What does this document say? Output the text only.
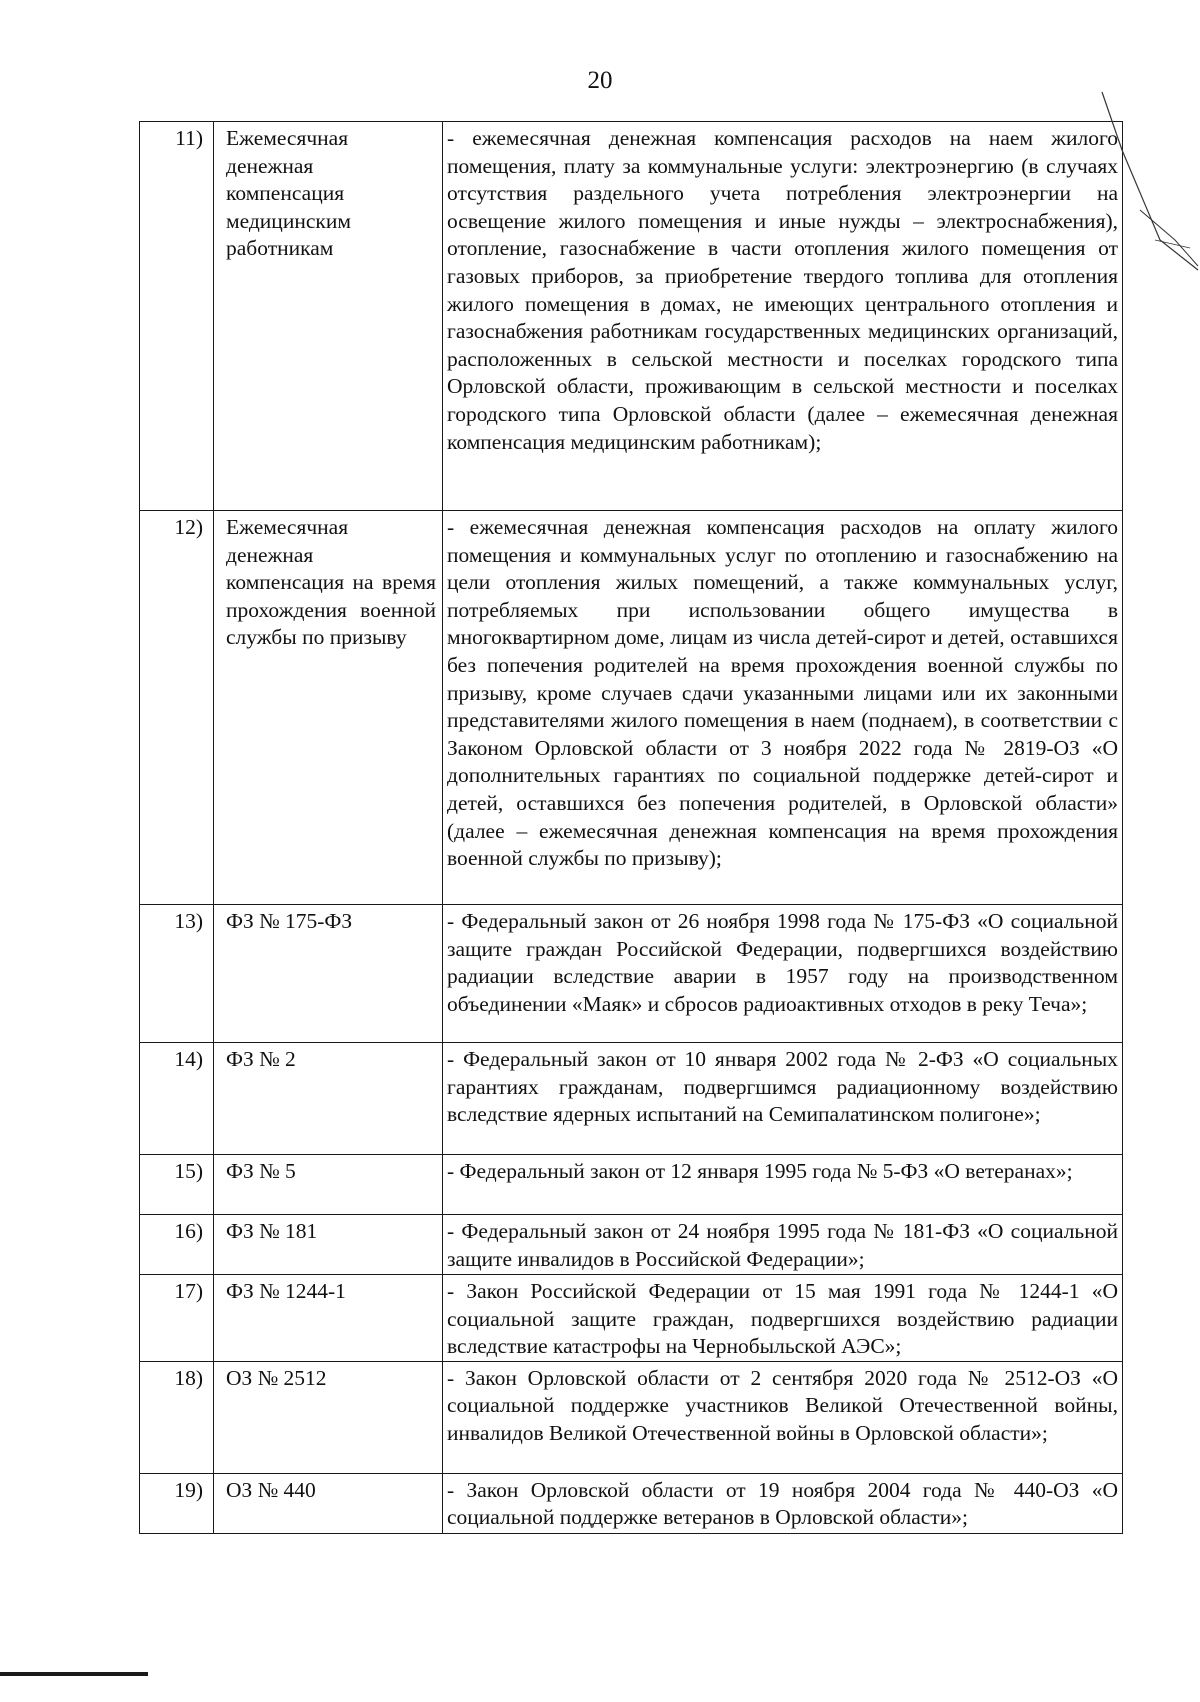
20
11)	Ежемесячная денежная компенсация медицинским работникам	- ежемесячная денежная компенсация расходов на наем жилого помещения, плату за коммунальные услуги: электроэнергию (в случаях отсутствия раздельного учета потребления электроэнергии на освещение жилого помещения и иные нужды – электроснабжения), отопление, газоснабжение в части отопления жилого помещения от газовых приборов, за приобретение твердого топлива для отопления жилого помещения в домах, не имеющих центрального отопления и газоснабжения работникам государственных медицинских организаций, расположенных в сельской местности и поселках городского типа Орловской области, проживающим в сельской местности и поселках городского типа Орловской области (далее – ежемесячная денежная компенсация медицинским работникам);
12)	Ежемесячная денежная компенсация на время прохождения военной службы по призыву	- ежемесячная денежная компенсация расходов на оплату жилого помещения и коммунальных услуг по отоплению и газоснабжению на цели отопления жилых помещений, а также коммунальных услуг, потребляемых при использовании общего имущества в многоквартирном доме, лицам из числа детей-сирот и детей, оставшихся без попечения родителей на время прохождения военной службы по призыву, кроме случаев сдачи указанными лицами или их законными представителями жилого помещения в наем (поднаем), в соответствии с Законом Орловской области от 3 ноября 2022 года № 2819-ОЗ «О дополнительных гарантиях по социальной поддержке детей-сирот и детей, оставшихся без попечения родителей, в Орловской области» (далее – ежемесячная денежная компенсация на время прохождения военной службы по призыву);
13)	ФЗ № 175-ФЗ	- Федеральный закон от 26 ноября 1998 года № 175-ФЗ «О социальной защите граждан Российской Федерации, подвергшихся воздействию радиации вследствие аварии в 1957 году на производственном объединении «Маяк» и сбросов радиоактивных отходов в реку Теча»;
14)	ФЗ № 2	- Федеральный закон от 10 января 2002 года № 2-ФЗ «О социальных гарантиях гражданам, подвергшимся радиационному воздействию вследствие ядерных испытаний на Семипалатинском полигоне»;
15)	ФЗ № 5	- Федеральный закон от 12 января 1995 года № 5-ФЗ «О ветеранах»;
16)	ФЗ № 181	- Федеральный закон от 24 ноября 1995 года № 181-ФЗ «О социальной защите инвалидов в Российской Федерации»;
17)	ФЗ № 1244-1	- Закон Российской Федерации от 15 мая 1991 года № 1244-1 «О социальной защите граждан, подвергшихся воздействию радиации вследствие катастрофы на Чернобыльской АЭС»;
18)	ОЗ № 2512	- Закон Орловской области от 2 сентября 2020 года № 2512-ОЗ «О социальной поддержке участников Великой Отечественной войны, инвалидов Великой Отечественной войны в Орловской области»;
19)	ОЗ № 440	- Закон Орловской области от 19 ноября 2004 года № 440-ОЗ «О социальной поддержке ветеранов в Орловской области»;
